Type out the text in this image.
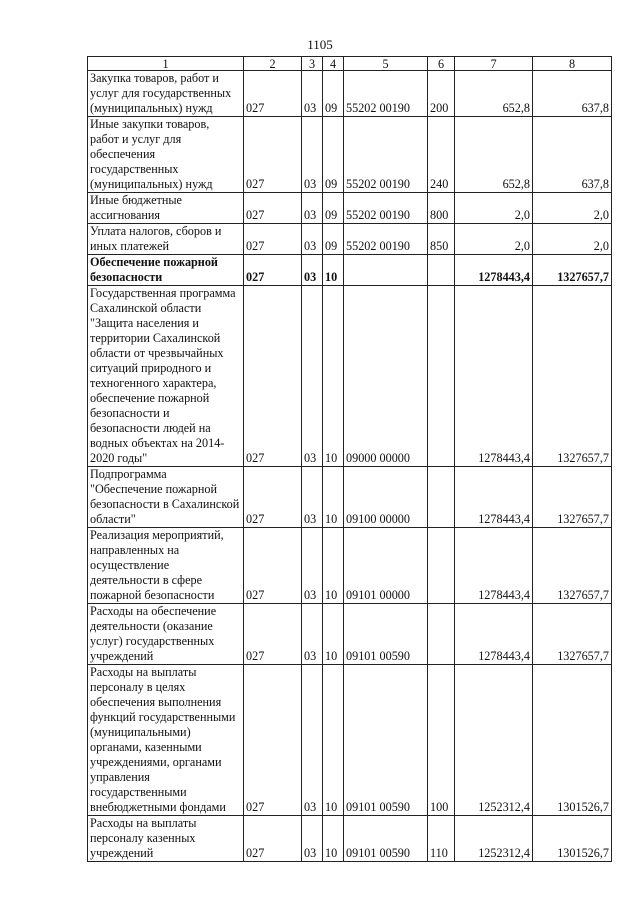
1105
1	2	3	4	5	6	7	8
Закупка товаров, работ и услуг для государственных (муниципальных) нужд	027	03	09	55202 00190	200	652,8	637,8
Иные закупки товаров, работ и услуг для обеспечения государственных (муниципальных) нужд	027	03	09	55202 00190	240	652,8	637,8
Иные бюджетные ассигнования	027	03	09	55202 00190	800	2,0	2,0
Уплата налогов, сборов и иных платежей	027	03	09	55202 00190	850	2,0	2,0
Обеспечение пожарной безопасности	027	03	10			1278443,4	1327657,7
Государственная программа Сахалинской области "Защита населения и территории Сахалинской области от чрезвычайных ситуаций природного и техногенного характера, обеспечение пожарной безопасности и безопасности людей на водных объектах на 2014-2020 годы"	027	03	10	09000 00000		1278443,4	1327657,7
Подпрограмма "Обеспечение пожарной безопасности в Сахалинской области"	027	03	10	09100 00000		1278443,4	1327657,7
Реализация мероприятий, направленных на осуществление деятельности в сфере пожарной безопасности	027	03	10	09101 00000		1278443,4	1327657,7
Расходы на обеспечение деятельности (оказание услуг) государственных учреждений	027	03	10	09101 00590		1278443,4	1327657,7
Расходы на выплаты персоналу в целях обеспечения выполнения функций государственными (муниципальными) органами, казенными учреждениями, органами управления государственными внебюджетными фондами	027	03	10	09101 00590	100	1252312,4	1301526,7
Расходы на выплаты персоналу казенных учреждений	027	03	10	09101 00590	110	1252312,4	1301526,7
